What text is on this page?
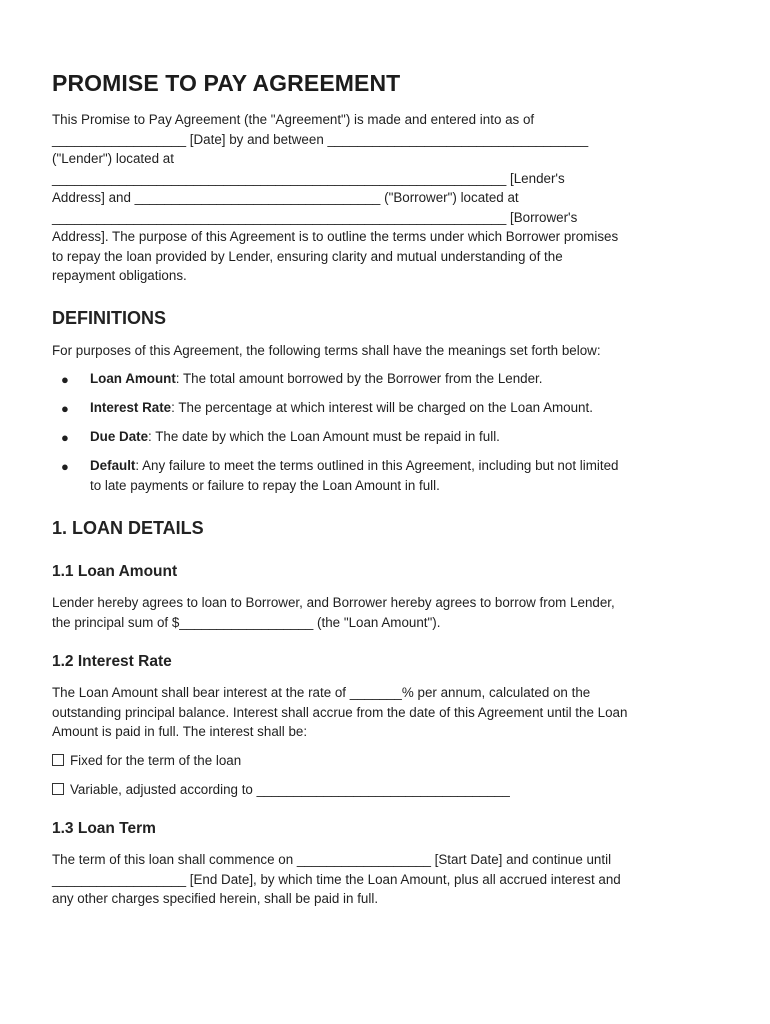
PROMISE TO PAY AGREEMENT

This Promise to Pay Agreement (the "Agreement") is made and entered into as of
__________________ [Date] by and between ___________________________________
("Lender") located at
_____________________________________________________________ [Lender's
Address] and _________________________________ ("Borrower") located at
_____________________________________________________________ [Borrower's
Address]. The purpose of this Agreement is to outline the terms under which Borrower promises
to repay the loan provided by Lender, ensuring clarity and mutual understanding of the
repayment obligations.

DEFINITIONS

For purposes of this Agreement, the following terms shall have the meanings set forth below:

● Loan Amount: The total amount borrowed by the Borrower from the Lender.
● Interest Rate: The percentage at which interest will be charged on the Loan Amount.
● Due Date: The date by which the Loan Amount must be repaid in full.
● Default: Any failure to meet the terms outlined in this Agreement, including but not limited
to late payments or failure to repay the Loan Amount in full.
1. LOAN DETAILS
1.1 Loan Amount

Lender hereby agrees to loan to Borrower, and Borrower hereby agrees to borrow from Lender,
the principal sum of $__________________ (the "Loan Amount").

1.2 Interest Rate

The Loan Amount shall bear interest at the rate of _______% per annum, calculated on the
outstanding principal balance. Interest shall accrue from the date of this Agreement until the Loan
Amount is paid in full. The interest shall be:

Fixed for the term of the loan

Variable, adjusted according to __________________________________

1.3 Loan Term

The term of this loan shall commence on __________________ [Start Date] and continue until
__________________ [End Date], by which time the Loan Amount, plus all accrued interest and
any other charges specified herein, shall be paid in full.
